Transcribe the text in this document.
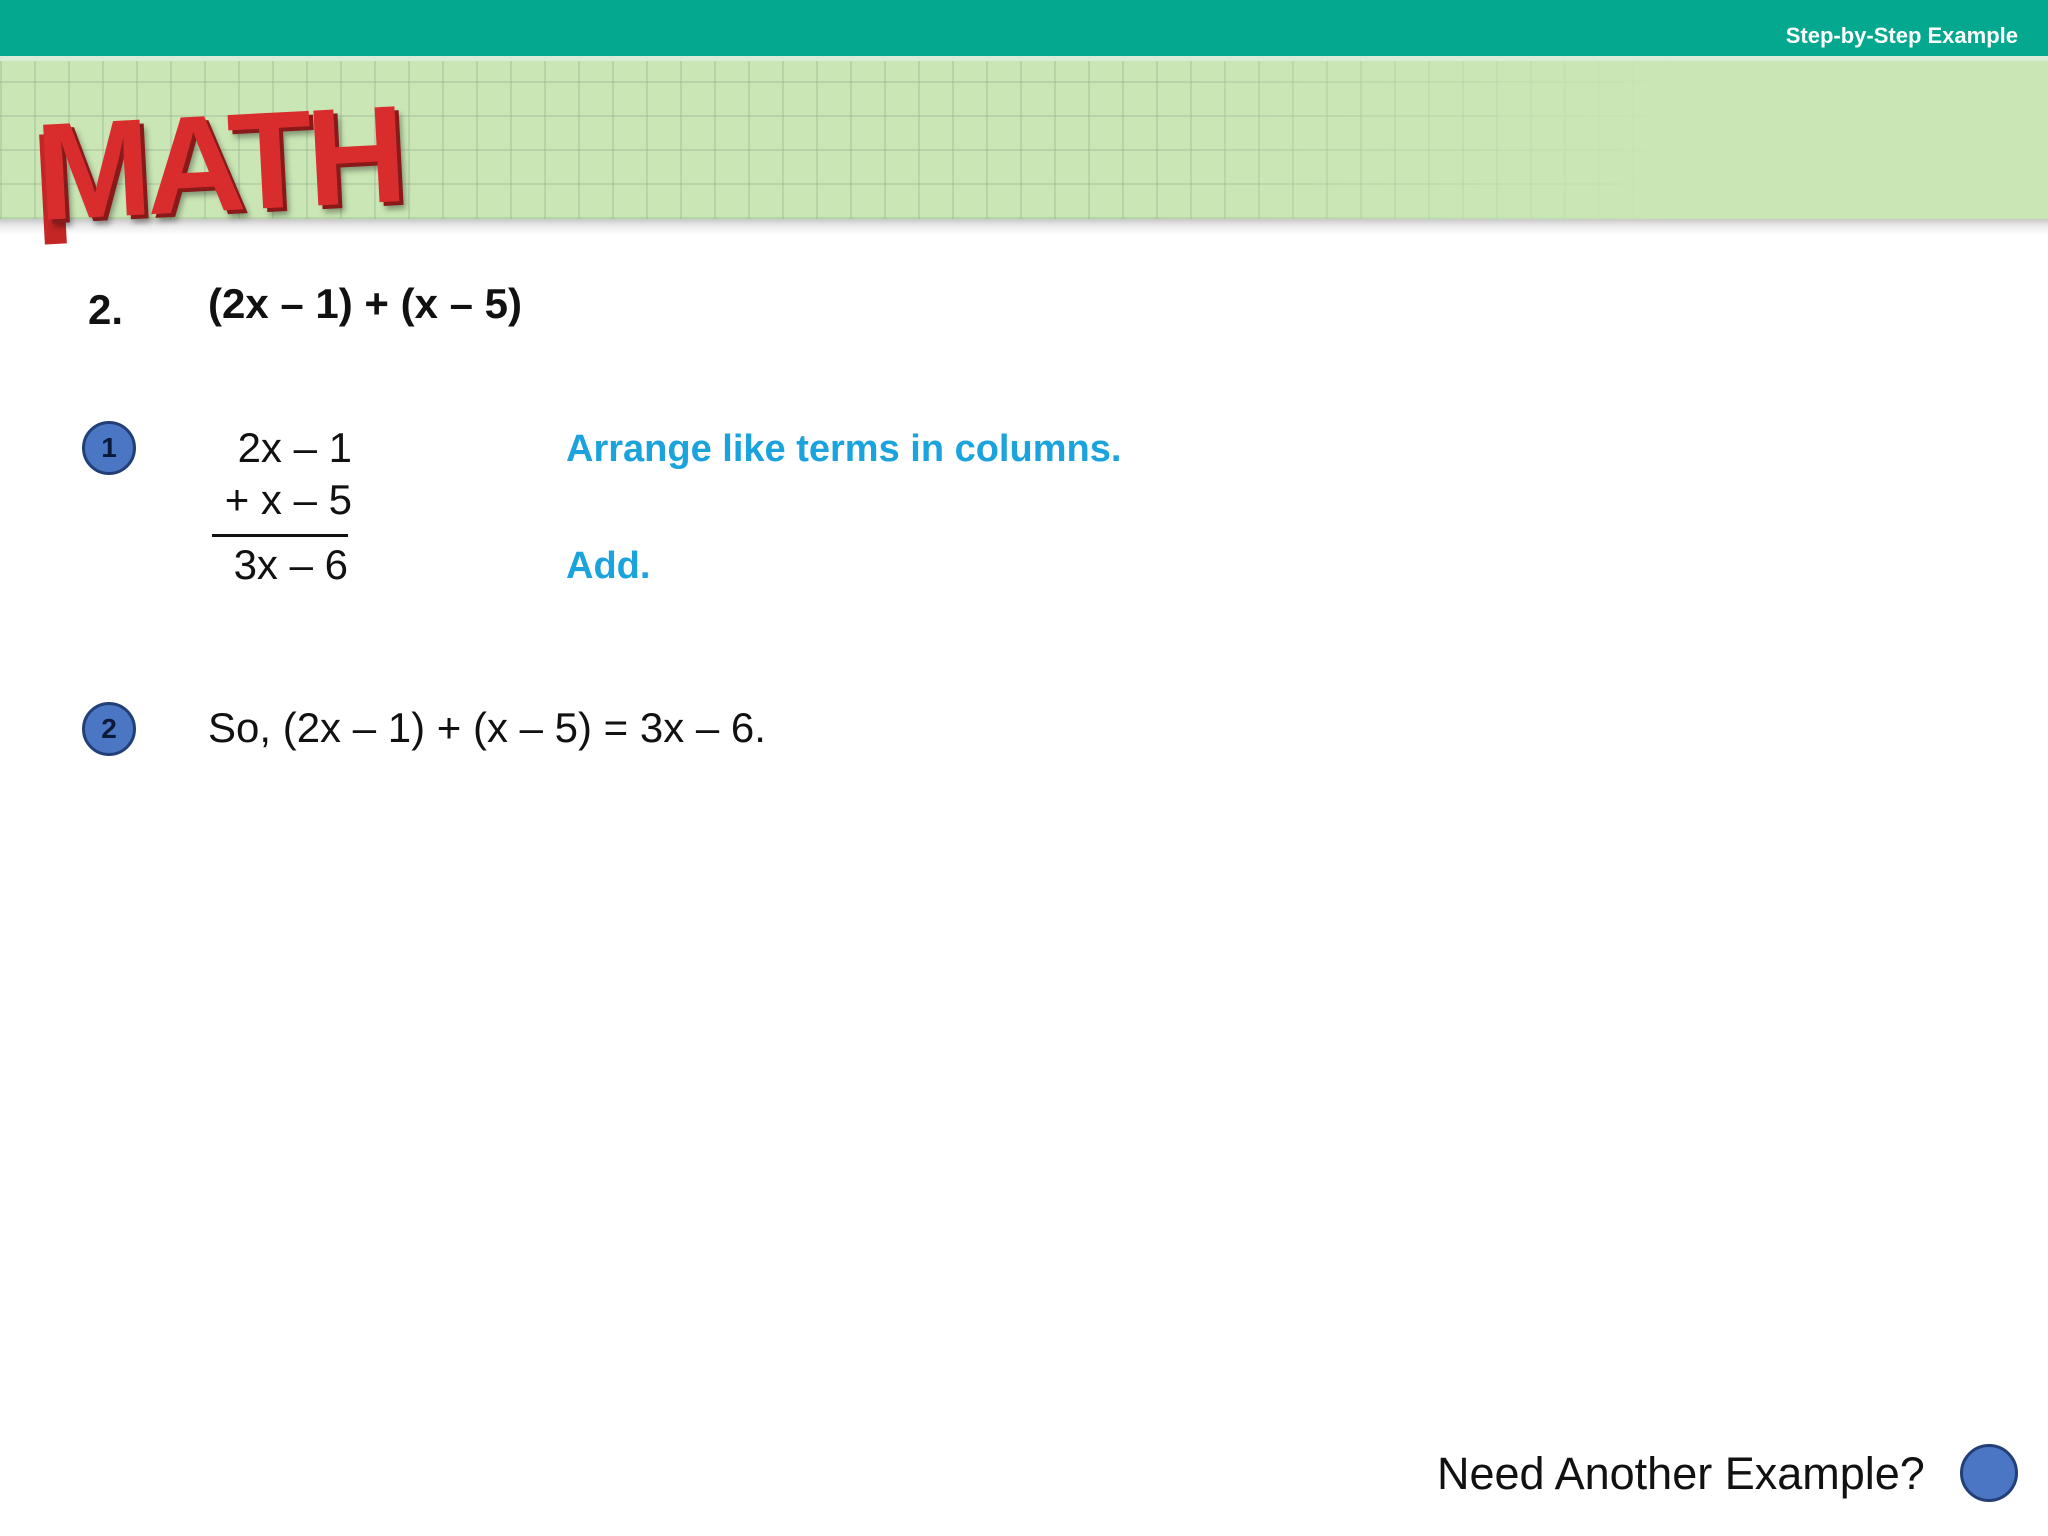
Step-by-Step Example
MATH
2. (2x – 1) + (x – 5)
1	2x – 1
+ x – 5
3x – 6
Arrange like terms in columns.
Add.
2	So, (2x – 1) + (x – 5) = 3x – 6.
Need Another Example?
